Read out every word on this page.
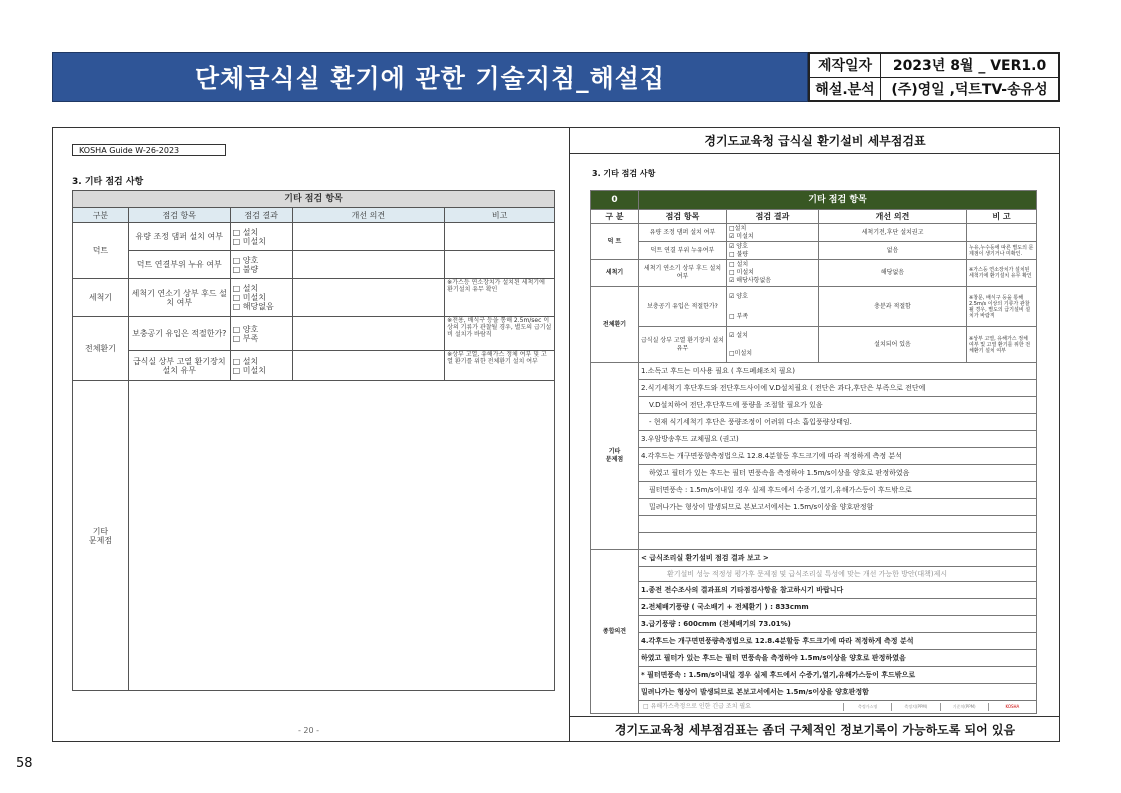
단체급식실 환기에 관한 기술지침_해설집	제작일자	2023년 8월 _ VER1.0
해설.분석	(주)영일 ,덕트TV-송유성
KOSHA Guide W-26-2023
3. 기타 점검 사항
기타 점검 항목				
구분	점검 항목	점검 결과	개선 의견	비고
덕트	유량 조정 댐퍼 설치 여부	□ 설치
□ 미설치		
	덕트 연결부위 누유 여부	□ 양호
□ 불량		
세척기	세척기 연소기 상부 후드 설치 여부	□ 설치
□ 미설치
□ 해당없음		※가스등 연소장치가 설치된 세척기에 환기설치 유무 확인
전체환기	보충공기 유입은 적절한가?	□ 양호
□ 부족		※전용, 배식구 등을 통해 2.5m/sec 이상의 기류가 관찰될 경우, 별도의 급기설비 설치가 바람직
	급식실 상부 고열 환기장치 설치 유무	□ 설치
□ 미설치		※상부 고열, 유해가스 정체 여부 및 고열 환기를 위한 전체환기 설치 여부
기타
문제점				
- 20 -
경기도교육청 급식실 환기설비 세부점검표
3. 기타 점검 사항
0	기타 점검 항목			
구 분	점검 항목	점검 결과	개선 의견	비 고
덕 트	유량 조정 댐퍼 설치 여부	□설치
☑ 미설치	세척기전,후단 설치권고	
	덕트 연결 부위 누유여부	☑ 양호
□ 불량	없음	누유,누수등에 따른 별도의 문제점이 생기거나 미확인.
세척기	세척기 연소기 상부 후드 설치 여부	□ 설치
□ 미설치
☑ 해당사항없음	해당없음	※가스등 연소장치가 설치된 세척기에 환기설치 유무 확인
전체환기	보충공기 유입은 적절한가?	☑ 양호
□ 부족	충분과 적절함	※창문, 배식구 등을 통해 2.5m/s 이상의 기류가 관찰될 경우, 별도의 급기설비 설치가 바람직
	급식실 상부 고열 환기장치 설치유무	☑ 설치
□미설치	설치되어 있음	※상부 고열, 유해가스 정체 여부 및 고열 환기를 위한 전체환기 설치 여부
기타
문제점	1.소독고 후드는 미사용 필요 ( 후드폐쇄조치 필요)			
	2.식기세척기 후단후드와 전단후드사이에 V.D설치필요 ( 전단은 과다,후단은 부족으로 전단에			
	V.D설치하여 전단,후단후드에 풍량을 조절할 필요가 있음			
	- 현재 식기세척기 후단은 풍량조정이 어려워 다소 흡입풍량상태임.			
	3.우암방송후드 교체필요 (권고)			
	4.각후드는 개구면풍향측정법으로 12.8.4분할등 후드크기에 따라 적정하게 측정 분석			
	하였고 필터가 있는 후드는 필터 면풍속을 측정하야 1.5m/s이상을 양호로 판정하였음			
	필터면풍속 : 1.5m/s이내일 경우 실제 후드에서 수증기,열기,유해가스등이 후드밖으로			
	밀려나가는 형상이 발생되므로 본보고서에서는 1.5m/s이상을 양호판정함			

종합의견	< 급식조리실 환기설비 점검 결과 보고 >			
	환기설비 성능 적정성 평가후 문제점 및 급식조리실 특성에 맞는 개선 가능한 방안(대책)제시			
	1.종전 전수조사의 결과표의 기타점검사항을 참고하시기 바랍니다			
	2.전체배기풍량 ( 국소배기 + 전체환기 ) : 833cmm			
	3.급기풍량 : 600cmm (전체배기의 73.01%)			
	4.각후드는 개구면면풍량측정법으로 12.8.4분할등 후드크기에 따라 적정하게 측정 분석			
	하였고 필터가 있는 후드는 필터 면풍속을 측정하야 1.5m/s이상을 양호로 판정하였음			
	* 필터면풍속 : 1.5m/s이내일 경우 실제 후드에서 수증기,열기,유해가스등이 후드밖으로			
	밀려나가는 형상이 발생되므로 본보고서에서는 1.5m/s이상을 양호판정함			

	□ 유해가스측정으로 인한 긴급 조치 필요 측정가스명 측정치(PPM) 기준치(PPM) KOSHA			
경기도교육청 세부점검표는 좀더 구체적인 정보기록이 가능하도록 되어 있음
58
